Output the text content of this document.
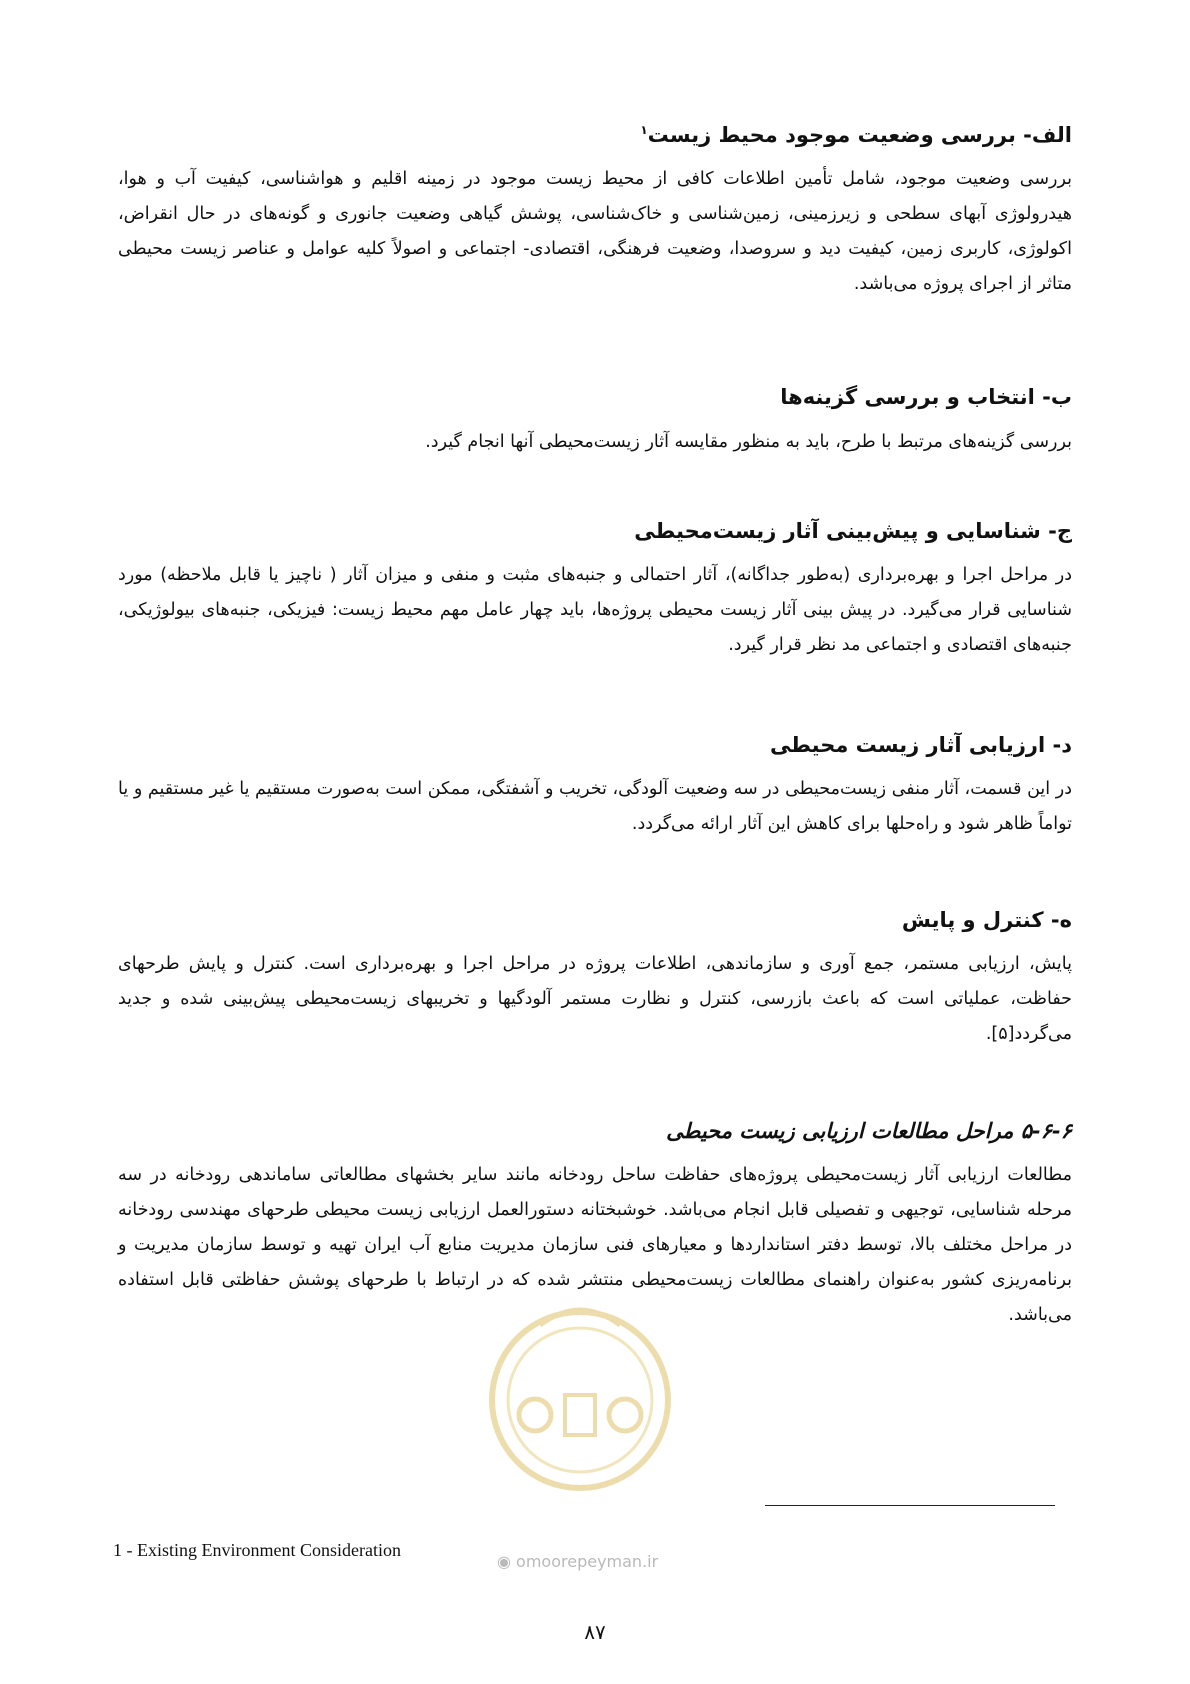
الف- بررسی وضعیت موجود محیط زیست$^۱$
بررسی وضعیت موجود، شامل تأمین اطلاعات کافی از محیط زیست موجود در زمینه اقلیم و هواشناسی، کیفیت آب و هوا، هیدرولوژی آبهای سطحی و زیرزمینی، زمین‌شناسی و خاک‌شناسی، پوشش گیاهی وضعیت جانوری و گونه‌های در حال انقراض، اکولوژی، کاربری زمین، کیفیت دید و سروصدا، وضعیت فرهنگی، اقتصادی- اجتماعی و اصولاً کلیه عوامل و عناصر زیست محیطی متاثر از اجرای پروژه می‌باشد.
ب- انتخاب و بررسی گزینه‌ها
بررسی گزینه‌های مرتبط با طرح، باید به منظور مقایسه آثار زیست‌محیطی آنها انجام گیرد.
ج- شناسایی و پیش‌بینی آثار زیست‌محیطی
در مراحل اجرا و بهره‌برداری (به‌طور جداگانه)، آثار احتمالی و جنبه‌های مثبت و منفی و میزان آثار ( ناچیز یا قابل ملاحظه) مورد شناسایی قرار می‌گیرد. در پیش بینی آثار زیست محیطی پروژه‌ها، باید چهار عامل مهم محیط زیست: فیزیکی، جنبه‌های بیولوژیکی، جنبه‌های اقتصادی و اجتماعی مد نظر قرار گیرد.
د- ارزیابی آثار زیست محیطی
در این قسمت، آثار منفی زیست‌محیطی در سه وضعیت آلودگی، تخریب و آشفتگی، ممکن است به‌صورت مستقیم یا غیر مستقیم و یا تواماً ظاهر شود و راه‌حلها برای کاهش این آثار ارائه می‌گردد.
ه- کنترل و پایش
پایش، ارزیابی مستمر، جمع آوری و سازماندهی، اطلاعات پروژه در مراحل اجرا و بهره‌برداری است. کنترل و پایش طرحهای حفاظت، عملیاتی است که باعث بازرسی، کنترل و نظارت مستمر آلودگیها و تخریبهای زیست‌محیطی پیش‌بینی شده و جدید می‌گردد[۵].
۵-۶-۶ مراحل مطالعات ارزیابی زیست محیطی
مطالعات ارزیابی آثار زیست‌محیطی پروژه‌های حفاظت ساحل رودخانه مانند سایر بخشهای مطالعاتی ساماندهی رودخانه در سه مرحله شناسایی، توجیهی و تفصیلی قابل انجام می‌باشد. خوشبختانه دستورالعمل ارزیابی زیست محیطی طرحهای مهندسی رودخانه در مراحل مختلف بالا، توسط دفتر استانداردها و معیارهای فنی سازمان مدیریت منابع آب ایران تهیه و توسط سازمان مدیریت و برنامه‌ریزی کشور به‌عنوان راهنمای مطالعات زیست‌محیطی منتشر شده که در ارتباط با طرحهای پوشش حفاظتی قابل استفاده می‌باشد.
◉ omoorepeyman.ir
1 - Existing Environment Consideration
۸۷
